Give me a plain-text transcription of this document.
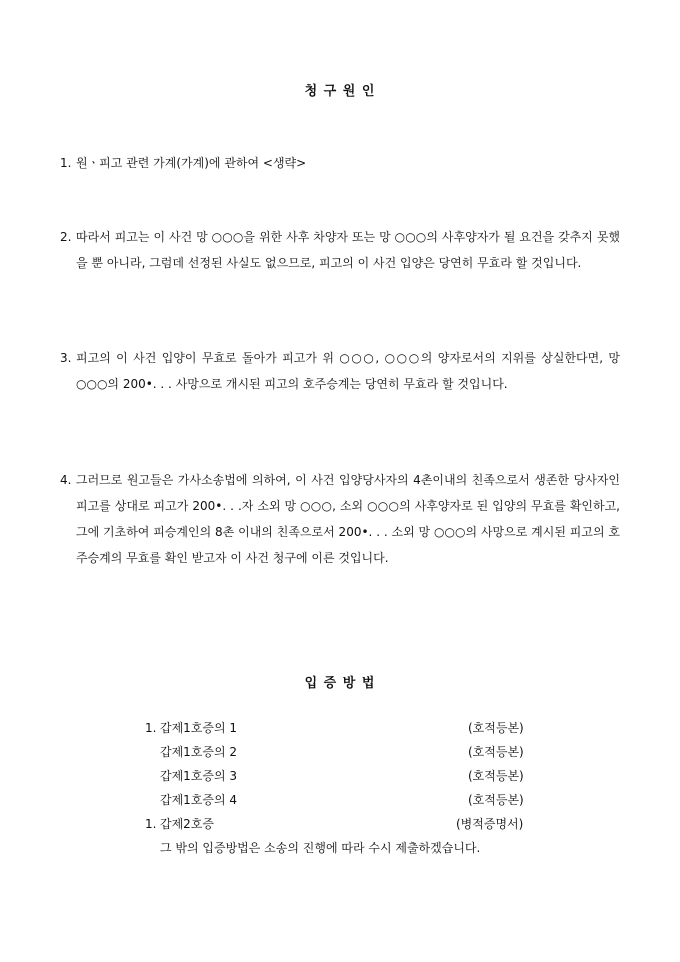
청 구 원 인
1. 원ㆍ피고 관련 가계(가계)에 관하여 <생략>
2. 따라서 피고는 이 사건 망 ○○○을 위한 사후 차양자 또는 망 ○○○의 사후양자가 될 요건을 갖추지 못했을 뿐 아니라, 그럼데 선정된 사실도 없으므로, 피고의 이 사건 입양은 당연히 무효라 할 것입니다.
3. 피고의 이 사건 입양이 무효로 돌아가 피고가 위 ○○○, ○○○의 양자로서의 지위를 상실한다면, 망 ○○○의 200•. . . 사망으로 개시된 피고의 호주승계는 당연히 무효라 할 것입니다.
4. 그러므로 원고들은 가사소송법에 의하여, 이 사건 입양당사자의 4촌이내의 친족으로서 생존한 당사자인 피고를 상대로 피고가 200•. . .자 소외 망 ○○○, 소외 ○○○의 사후양자로 된 입양의 무효를 확인하고, 그에 기초하여 피승계인의 8촌 이내의 친족으로서 200•. . . 소외 망 ○○○의 사망으로 계시된 피고의 호주승계의 무효를 확인 받고자 이 사건 청구에 이른 것입니다.
입 증 방 법
1. 갑제1호증의 1	(호적등본)
갑제1호증의 2	(호적등본)
갑제1호증의 3	(호적등본)
갑제1호증의 4	(호적등본)
1. 갑제2호증	(병적증명서)
그 밖의 입증방법은 소송의 진행에 따라 수시 제출하겠습니다.
